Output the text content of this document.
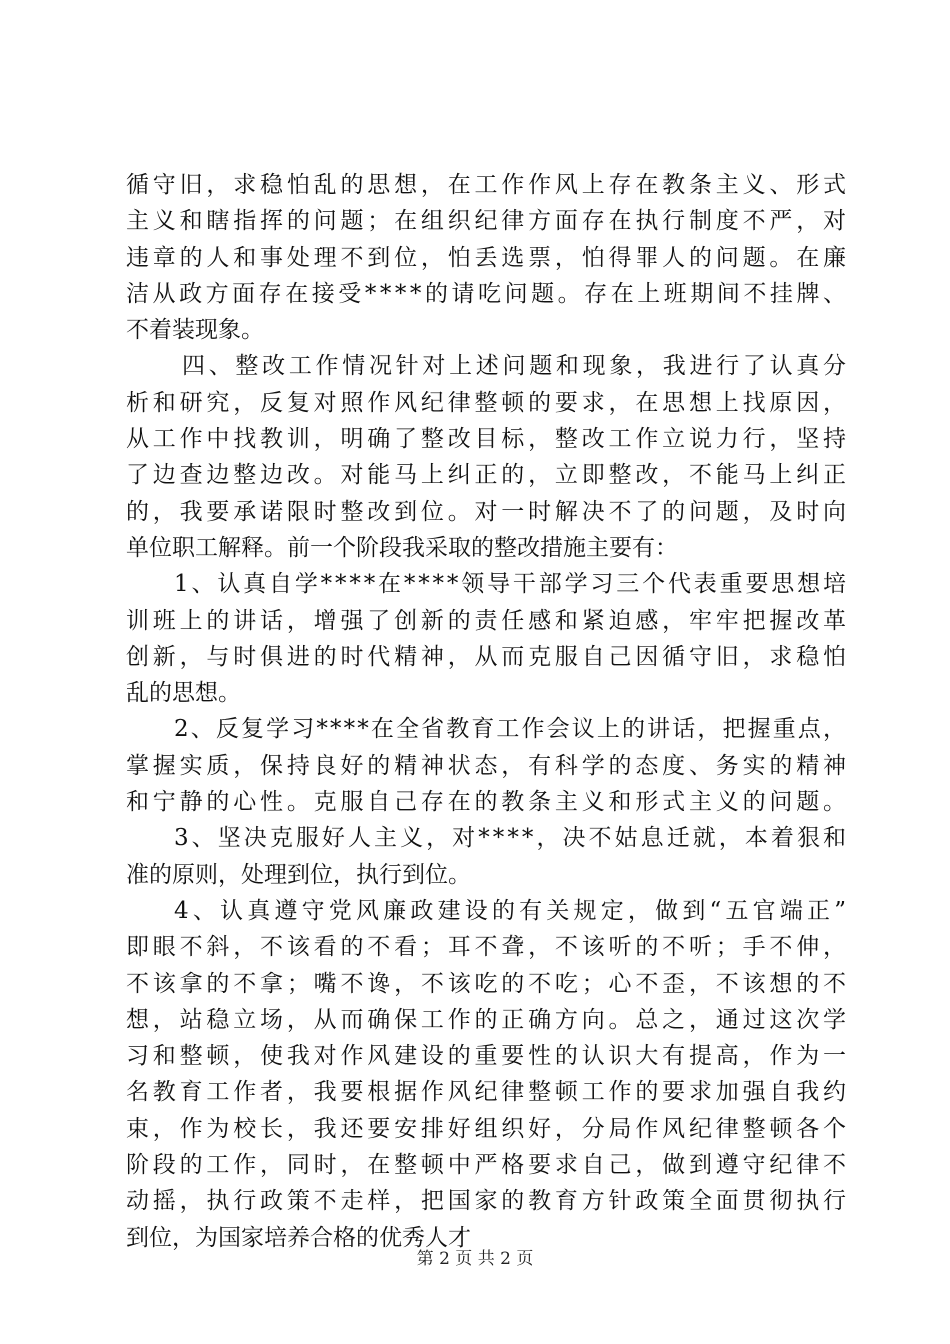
循守旧，求稳怕乱的思想，在工作作风上存在教条主义、形式
主义和瞎指挥的问题；在组织纪律方面存在执行制度不严，对
违章的人和事处理不到位，怕丢选票，怕得罪人的问题。在廉
洁从政方面存在接受****的请吃问题。存在上班期间不挂牌、
不着装现象。
四、整改工作情况针对上述问题和现象，我进行了认真分
析和研究，反复对照作风纪律整顿的要求，在思想上找原因，
从工作中找教训，明确了整改目标，整改工作立说力行，坚持
了边查边整边改。对能马上纠正的，立即整改，不能马上纠正
的，我要承诺限时整改到位。对一时解决不了的问题，及时向
单位职工解释。前一个阶段我采取的整改措施主要有：
1、认真自学****在****领导干部学习三个代表重要思想培
训班上的讲话，增强了创新的责任感和紧迫感，牢牢把握改革
创新，与时俱进的时代精神，从而克服自己因循守旧，求稳怕
乱的思想。
2、反复学习****在全省教育工作会议上的讲话，把握重点，
掌握实质，保持良好的精神状态，有科学的态度、务实的精神
和宁静的心性。克服自己存在的教条主义和形式主义的问题。
3、坚决克服好人主义，对****，决不姑息迁就，本着狠和
准的原则，处理到位，执行到位。
4、认真遵守党风廉政建设的有关规定，做到“五官端正”
即眼不斜，不该看的不看；耳不聋，不该听的不听；手不伸，
不该拿的不拿；嘴不谗，不该吃的不吃；心不歪，不该想的不
想，站稳立场，从而确保工作的正确方向。总之，通过这次学
习和整顿，使我对作风建设的重要性的认识大有提高，作为一
名教育工作者，我要根据作风纪律整顿工作的要求加强自我约
束，作为校长，我还要安排好组织好，分局作风纪律整顿各个
阶段的工作，同时，在整顿中严格要求自己，做到遵守纪律不
动摇，执行政策不走样，把国家的教育方针政策全面贯彻执行
到位，为国家培养合格的优秀人才
第 2 页 共 2 页
